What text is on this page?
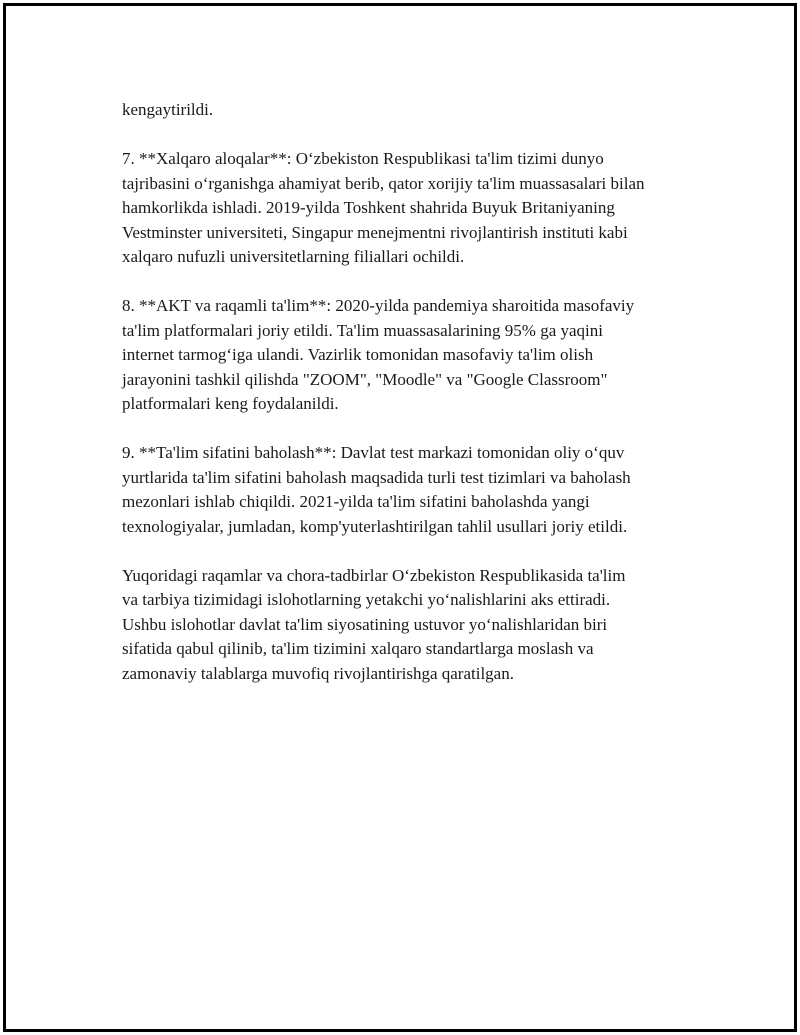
kengaytirildi.

7. **Xalqaro aloqalar**: O‘zbekiston Respublikasi ta'lim tizimi dunyo
tajribasini o‘rganishga ahamiyat berib, qator xorijiy ta'lim muassasalari bilan
hamkorlikda ishladi. 2019-yilda Toshkent shahrida Buyuk Britaniyaning
Vestminster universiteti, Singapur menejmentni rivojlantirish instituti kabi
xalqaro nufuzli universitetlarning filiallari ochildi.

8. **AKT va raqamli ta'lim**: 2020-yilda pandemiya sharoitida masofaviy
ta'lim platformalari joriy etildi. Ta'lim muassasalarining 95% ga yaqini
internet tarmog‘iga ulandi. Vazirlik tomonidan masofaviy ta'lim olish
jarayonini tashkil qilishda "ZOOM", "Moodle" va "Google Classroom"
platformalari keng foydalanildi.

9. **Ta'lim sifatini baholash**: Davlat test markazi tomonidan oliy o‘quv
yurtlarida ta'lim sifatini baholash maqsadida turli test tizimlari va baholash
mezonlari ishlab chiqildi. 2021-yilda ta'lim sifatini baholashda yangi
texnologiyalar, jumladan, komp'yuterlashtirilgan tahlil usullari joriy etildi.

Yuqoridagi raqamlar va chora-tadbirlar O‘zbekiston Respublikasida ta'lim
va tarbiya tizimidagi islohotlarning yetakchi yo‘nalishlarini aks ettiradi.
Ushbu islohotlar davlat ta'lim siyosatining ustuvor yo‘nalishlaridan biri
sifatida qabul qilinib, ta'lim tizimini xalqaro standartlarga moslash va
zamonaviy talablarga muvofiq rivojlantirishga qaratilgan.
